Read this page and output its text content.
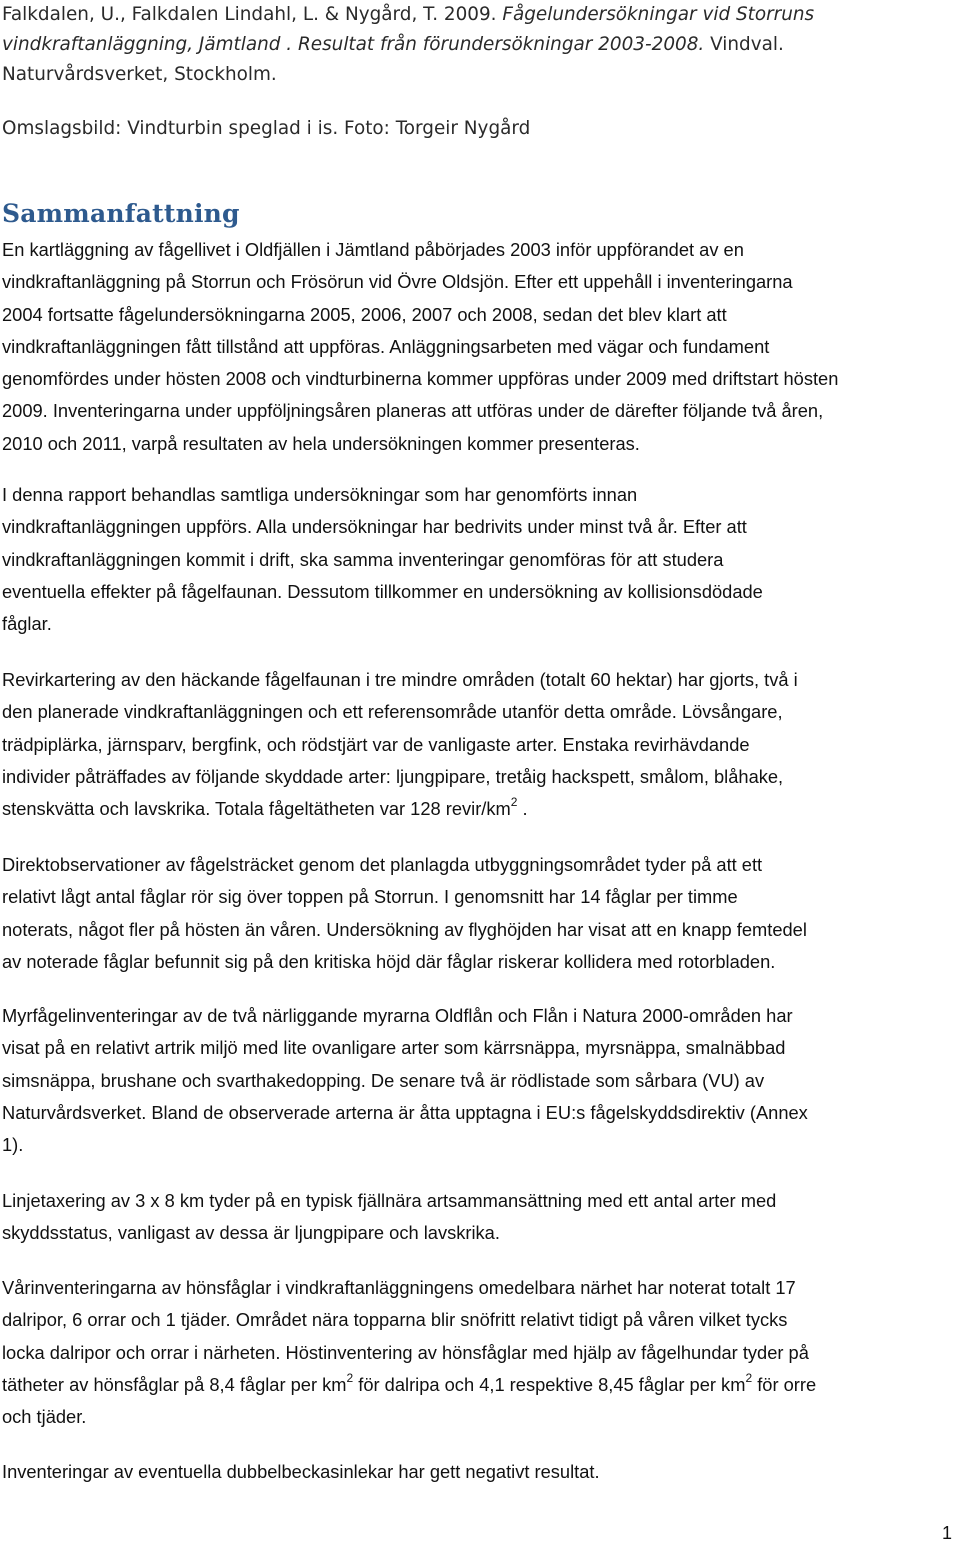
Falkdalen, U., Falkdalen Lindahl, L. & Nygård, T. 2009. Fågelundersökningar vid Storruns
vindkraftanläggning, Jämtland . Resultat från förundersökningar 2003-2008. Vindval.
Naturvårdsverket, Stockholm.
Omslagsbild: Vindturbin speglad i is. Foto: Torgeir Nygård
Sammanfattning
En kartläggning av fågellivet i Oldfjällen i Jämtland påbörjades 2003 inför uppförandet av en
vindkraftanläggning på Storrun och Frösörun vid Övre Oldsjön. Efter ett uppehåll i inventeringarna
2004 fortsatte fågelundersökningarna 2005, 2006, 2007 och 2008, sedan det blev klart att
vindkraftanläggningen fått tillstånd att uppföras. Anläggningsarbeten med vägar och fundament
genomfördes under hösten 2008 och vindturbinerna kommer uppföras under 2009 med driftstart hösten
2009. Inventeringarna under uppföljningsåren planeras att utföras under de därefter följande två åren,
2010 och 2011, varpå resultaten av hela undersökningen kommer presenteras.
I denna rapport behandlas samtliga undersökningar som har genomförts innan
vindkraftanläggningen uppförs. Alla undersökningar har bedrivits under minst två år. Efter att
vindkraftanläggningen kommit i drift, ska samma inventeringar genomföras för att studera
eventuella effekter på fågelfaunan. Dessutom tillkommer en undersökning av kollisionsdödade
fåglar.
Revirkartering av den häckande fågelfaunan i tre mindre områden (totalt 60 hektar) har gjorts, två i
den planerade vindkraftanläggningen och ett referensområde utanför detta område. Lövsångare,
trädpiplärka, järnsparv, bergfink, och rödstjärt var de vanligaste arter. Enstaka revirhävdande
individer påträffades av följande skyddade arter: ljungpipare, tretåig hackspett, smålom, blåhake,
stenskvätta och lavskrika. Totala fågeltätheten var 128 revir/$km^2$ .
Direktobservationer av fågelsträcket genom det planlagda utbyggningsområdet tyder på att ett
relativt lågt antal fåglar rör sig över toppen på Storrun. I genomsnitt har 14 fåglar per timme
noterats, något fler på hösten än våren. Undersökning av flyghöjden har visat att en knapp femtedel
av noterade fåglar befunnit sig på den kritiska höjd där fåglar riskerar kollidera med rotorbladen.
Myrfågelinventeringar av de två närliggande myrarna Oldflån och Flån i Natura 2000-områden har
visat på en relativt artrik miljö med lite ovanligare arter som kärrsnäppa, myrsnäppa, smalnäbbad
simsnäppa, brushane och svarthakedopping. De senare två är rödlistade som sårbara (VU) av
Naturvårdsverket. Bland de observerade arterna är åtta upptagna i EU:s fågelskyddsdirektiv (Annex
1).
Linjetaxering av 3 x 8 km tyder på en typisk fjällnära artsammansättning med ett antal arter med
skyddsstatus, vanligast av dessa är ljungpipare och lavskrika.
Vårinventeringarna av hönsfåglar i vindkraftanläggningens omedelbara närhet har noterat totalt 17
dalripor, 6 orrar och 1 tjäder. Området nära topparna blir snöfritt relativt tidigt på våren vilket tycks
locka dalripor och orrar i närheten. Höstinventering av hönsfåglar med hjälp av fågelhundar tyder på
tätheter av hönsfåglar på 8,4 fåglar per $km^2$ för dalripa och 4,1 respektive 8,45 fåglar per $km^2$ för orre
och tjäder.
Inventeringar av eventuella dubbelbeckasinlekar har gett negativt resultat.
1
